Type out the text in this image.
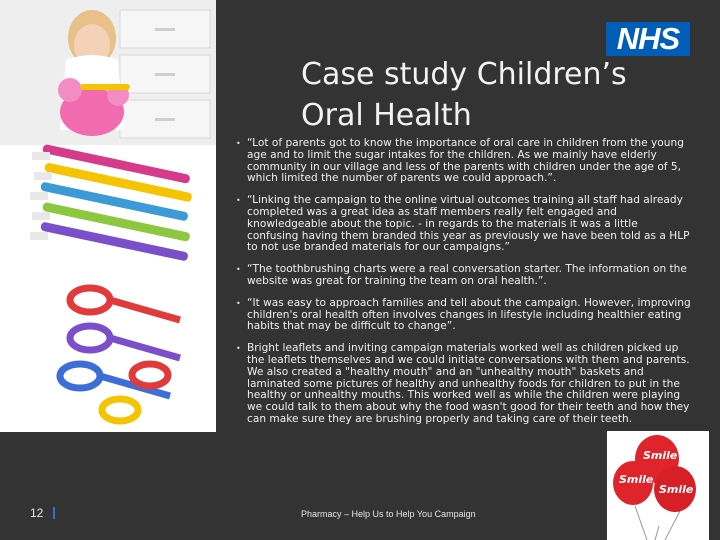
NHS
Case study Children’s
Oral Health
• “Lot of parents got to know the importance of oral care in children from the young age and to limit the sugar intakes for the children. As we mainly have elderly community in our village and less of the parents with children under the age of 5, which limited the number of parents we could approach.”.
• “Linking the campaign to the online virtual outcomes training all staff had already completed was a great idea as staff members really felt engaged and knowledgeable about the topic. - in regards to the materials it was a little confusing having them branded this year as previously we have been told as a HLP to not use branded materials for our campaigns.”
• “The toothbrushing charts were a real conversation starter. The information on the website was great for training the team on oral health.”.
• “It was easy to approach families and tell about the campaign. However, improving children's oral health often involves changes in lifestyle including healthier eating habits that may be difficult to change”.
• Bright leaflets and inviting campaign materials worked well as children picked up the leaflets themselves and we could initiate conversations with them and parents. We also created a "healthy mouth" and an "unhealthy mouth" baskets and laminated some pictures of healthy and unhealthy foods for children to put in the healthy or unhealthy mouths. This worked well as while the children were playing we could talk to them about why the food wasn't good for their teeth and how they can make sure they are brushing properly and taking care of their teeth.
Smile
Smile
Smile
12	Pharmacy – Help Us to Help You Campaign
